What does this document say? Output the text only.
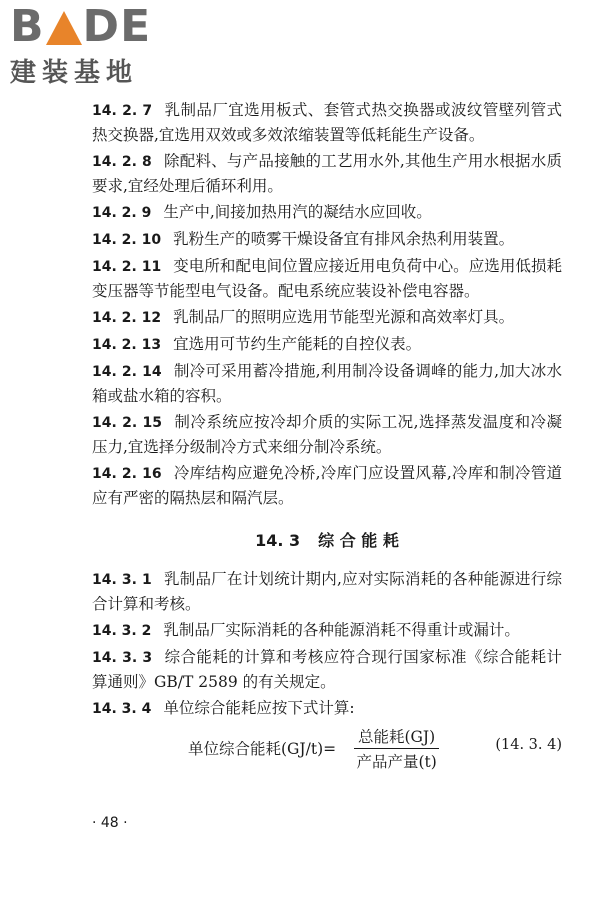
B DE
建装基地

14. 2. 7 乳制品厂宜选用板式、套管式热交换器或波纹管壁列管式热交换器,宜选用双效或多效浓缩装置等低耗能生产设备。

14. 2. 8 除配料、与产品接触的工艺用水外,其他生产用水根据水质要求,宜经处理后循环利用。

14. 2. 9 生产中,间接加热用汽的凝结水应回收。

14. 2. 10 乳粉生产的喷雾干燥设备宜有排风余热利用装置。

14. 2. 11 变电所和配电间位置应接近用电负荷中心。应选用低损耗变压器等节能型电气设备。配电系统应装设补偿电容器。

14. 2. 12 乳制品厂的照明应选用节能型光源和高效率灯具。

14. 2. 13 宜选用可节约生产能耗的自控仪表。

14. 2. 14 制冷可采用蓄冷措施,利用制冷设备调峰的能力,加大冰水箱或盐水箱的容积。

14. 2. 15 制冷系统应按冷却介质的实际工况,选择蒸发温度和冷凝压力,宜选择分级制冷方式来细分制冷系统。

14. 2. 16 冷库结构应避免冷桥,冷库门应设置风幕,冷库和制冷管道应有严密的隔热层和隔汽层。

14. 3 综 合 能 耗

14. 3. 1 乳制品厂在计划统计期内,应对实际消耗的各种能源进行综合计算和考核。

14. 3. 2 乳制品厂实际消耗的各种能源消耗不得重计或漏计。

14. 3. 3 综合能耗的计算和考核应符合现行国家标准《综合能耗计算通则》GB/T 2589 的有关规定。

14. 3. 4 单位综合能耗应按下式计算:

单位综合能耗(GJ/t)=
总能耗(GJ)
产品产量(t)
(14. 3. 4)
· 48 ·
